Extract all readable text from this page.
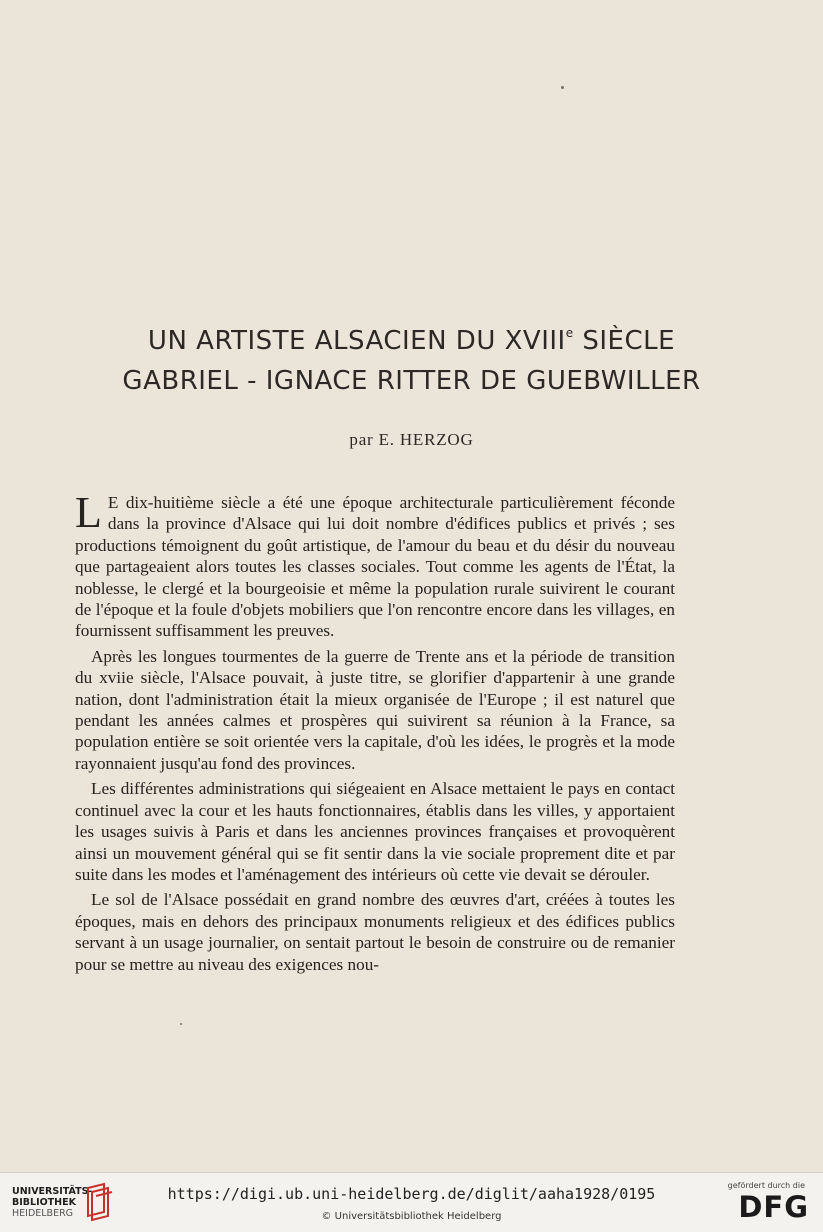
UN ARTISTE ALSACIEN DU XVIIIe SIÈCLE
GABRIEL - IGNACE RITTER DE GUEBWILLER
par E. HERZOG

L E dix-huitième siècle a été une époque architecturale particulièrement féconde dans la province d'Alsace qui lui doit nombre d'édifices publics et privés ; ses productions témoignent du goût artistique, de l'amour du beau et du désir du nouveau que partageaient alors toutes les classes sociales. Tout comme les agents de l'État, la noblesse, le clergé et la bourgeoisie et même la population rurale suivirent le courant de l'époque et la foule d'objets mobiliers que l'on rencontre encore dans les villages, en fournissent suffisamment les preuves.

Après les longues tourmentes de la guerre de Trente ans et la période de transition du xviie siècle, l'Alsace pouvait, à juste titre, se glorifier d'appartenir à une grande nation, dont l'administration était la mieux organisée de l'Europe ; il est naturel que pendant les années calmes et prospères qui suivirent sa réunion à la France, sa population entière se soit orientée vers la capitale, d'où les idées, le progrès et la mode rayonnaient jusqu'au fond des provinces.

Les différentes administrations qui siégeaient en Alsace mettaient le pays en contact continuel avec la cour et les hauts fonctionnaires, établis dans les villes, y apportaient les usages suivis à Paris et dans les anciennes provinces françaises et provoquèrent ainsi un mouvement général qui se fit sentir dans la vie sociale proprement dite et par suite dans les modes et l'aménagement des intérieurs où cette vie devait se dérouler.

Le sol de l'Alsace possédait en grand nombre des œuvres d'art, créées à toutes les époques, mais en dehors des principaux monuments religieux et des édifices publics servant à un usage journalier, on sentait partout le besoin de construire ou de remanier pour se mettre au niveau des exigences nou-

UNIVERSITÄTS-
BIBLIOTHEK
HEIDELBERG
https://digi.ub.uni-heidelberg.de/diglit/aaha1928/0195
© Universitätsbibliothek Heidelberg
gefördert durch die
DFG
